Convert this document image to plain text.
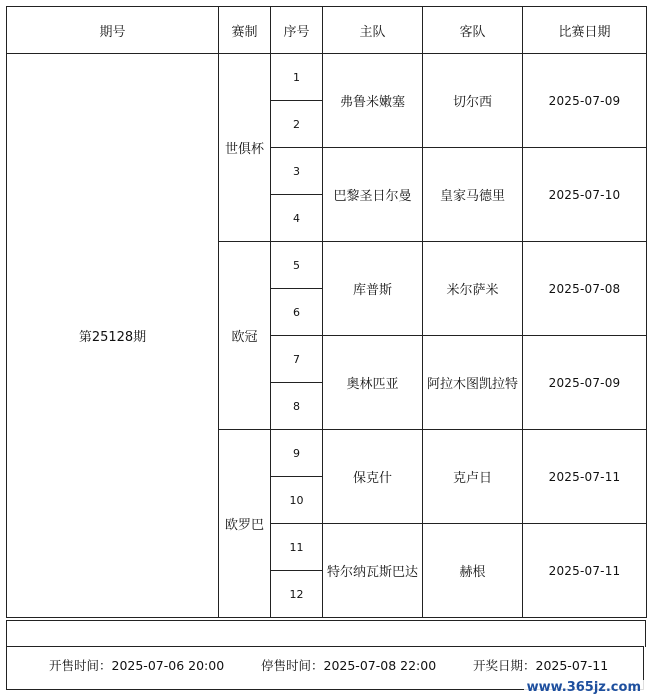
期号	赛制	序号	主队	客队	比赛日期
第25128期	世俱杯	1	弗鲁米嫩塞	切尔西	2025-07-09
		2			
		3	巴黎圣日尔曼	皇家马德里	2025-07-10
		4			
	欧冠	5	库普斯	米尔萨米	2025-07-08
		6			
		7	奥林匹亚	阿拉木图凯拉特	2025-07-09
		8			
	欧罗巴	9	保克什	克卢日	2025-07-11
		10			
		11	特尔纳瓦斯巴达	赫根	2025-07-11
		12			
开售时间：2025-07-06 20:00	停售时间：2025-07-08 22:00	开奖日期：2025-07-11
www.365jz.com
